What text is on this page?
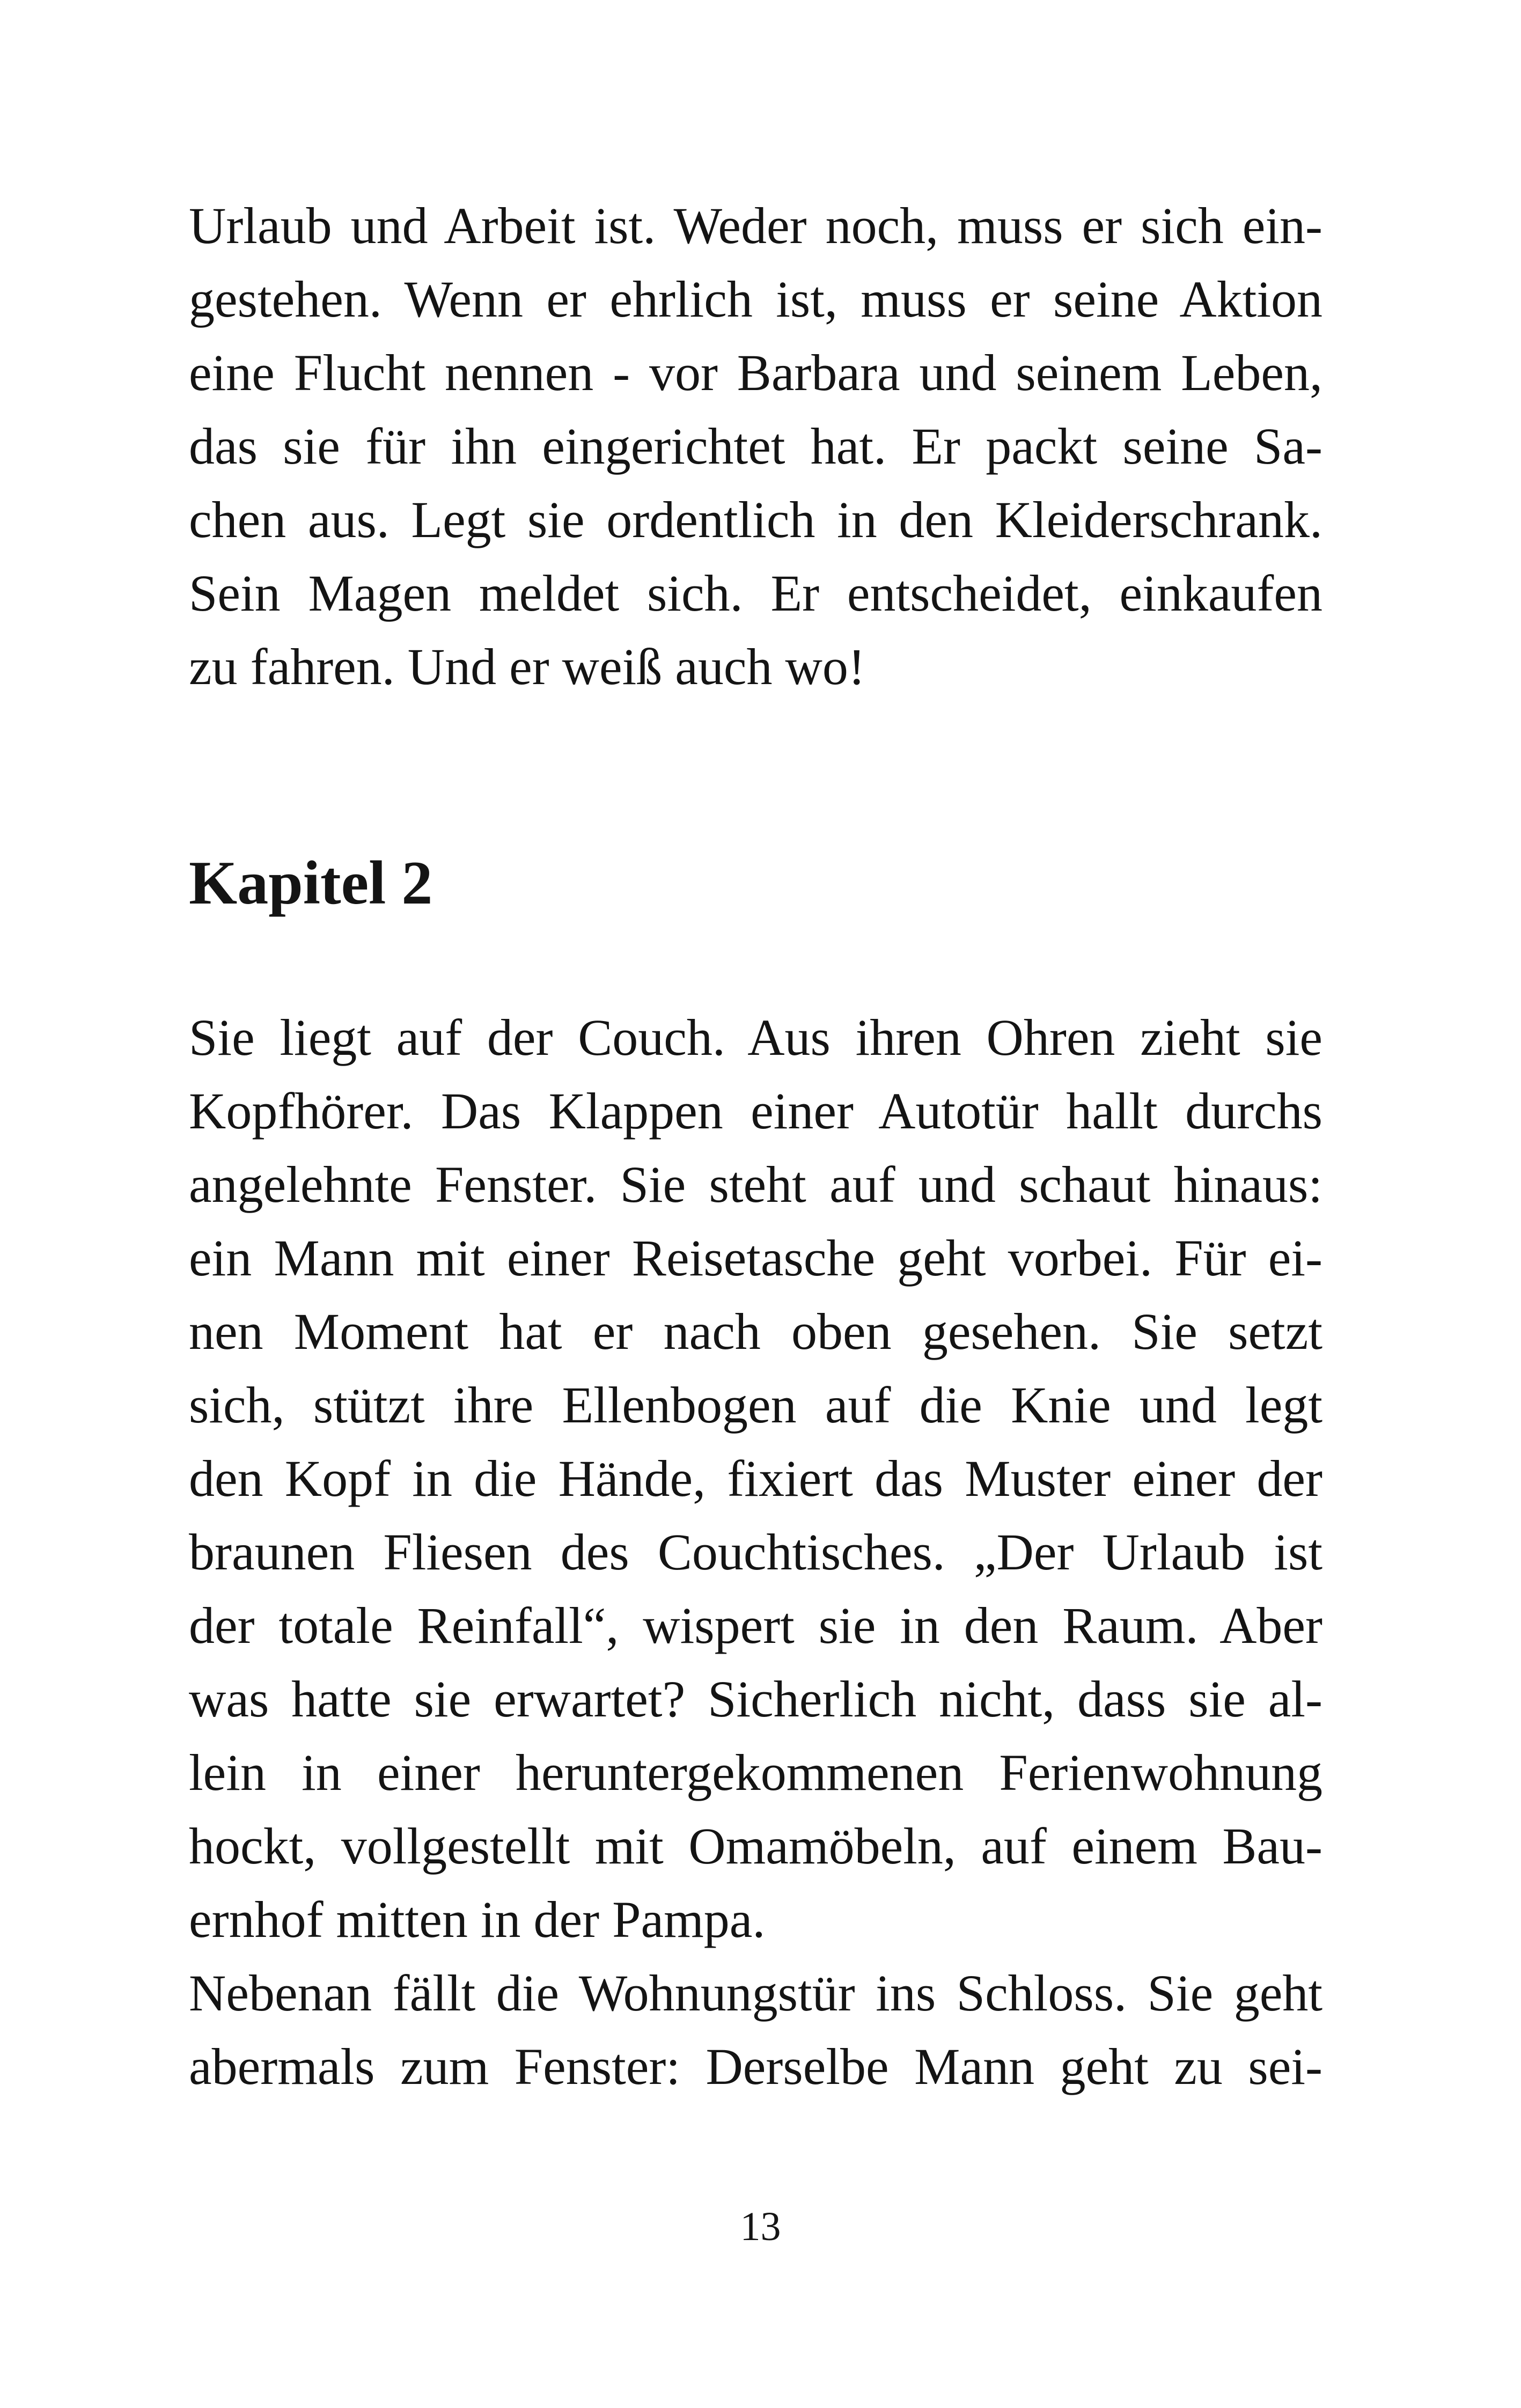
Urlaub und Arbeit ist. Weder noch, muss er sich ein-
gestehen. Wenn er ehrlich ist, muss er seine Aktion
eine Flucht nennen - vor Barbara und seinem Leben,
das sie für ihn eingerichtet hat. Er packt seine Sa-
chen aus. Legt sie ordentlich in den Kleiderschrank.
Sein Magen meldet sich. Er entscheidet, einkaufen
zu fahren. Und er weiß auch wo!
Kapitel 2
Sie liegt auf der Couch. Aus ihren Ohren zieht sie
Kopfhörer. Das Klappen einer Autotür hallt durchs
angelehnte Fenster. Sie steht auf und schaut hinaus:
ein Mann mit einer Reisetasche geht vorbei. Für ei-
nen Moment hat er nach oben gesehen. Sie setzt
sich, stützt ihre Ellenbogen auf die Knie und legt
den Kopf in die Hände, fixiert das Muster einer der
braunen Fliesen des Couchtisches. „Der Urlaub ist
der totale Reinfall“, wispert sie in den Raum. Aber
was hatte sie erwartet? Sicherlich nicht, dass sie al-
lein in einer heruntergekommenen Ferienwohnung
hockt, vollgestellt mit Omamöbeln, auf einem Bau-
ernhof mitten in der Pampa.
Nebenan fällt die Wohnungstür ins Schloss. Sie geht
abermals zum Fenster: Derselbe Mann geht zu sei-
13
